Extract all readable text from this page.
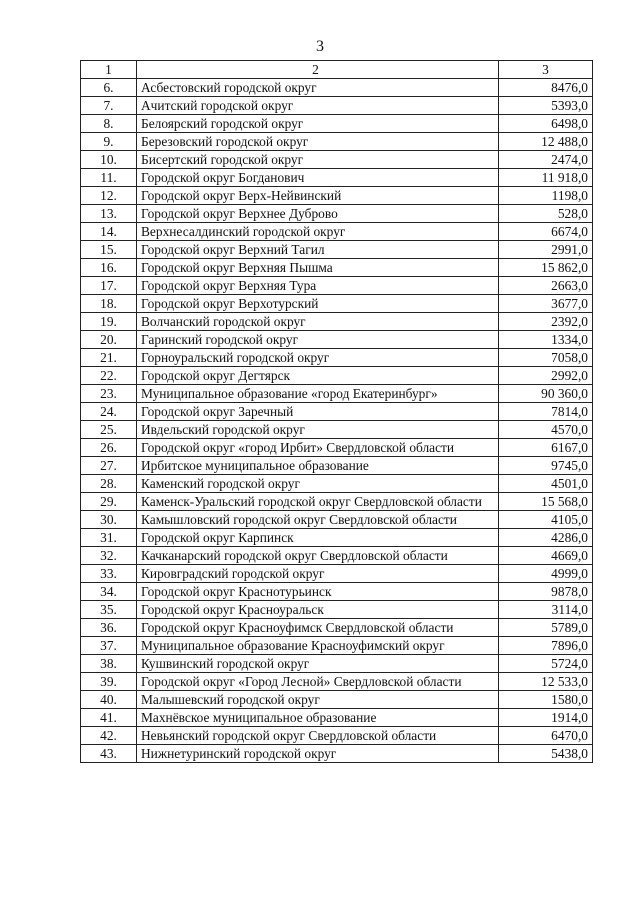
3
1	2	3
6.	Асбестовский городской округ	8476,0
7.	Ачитский городской округ	5393,0
8.	Белоярский городской округ	6498,0
9.	Березовский городской округ	12 488,0
10.	Бисертский городской округ	2474,0
11.	Городской округ Богданович	11 918,0
12.	Городской округ Верх-Нейвинский	1198,0
13.	Городской округ Верхнее Дуброво	528,0
14.	Верхнесалдинский городской округ	6674,0
15.	Городской округ Верхний Тагил	2991,0
16.	Городской округ Верхняя Пышма	15 862,0
17.	Городской округ Верхняя Тура	2663,0
18.	Городской округ Верхотурский	3677,0
19.	Волчанский городской округ	2392,0
20.	Гаринский городской округ	1334,0
21.	Горноуральский городской округ	7058,0
22.	Городской округ Дегтярск	2992,0
23.	Муниципальное образование «город Екатеринбург»	90 360,0
24.	Городской округ Заречный	7814,0
25.	Ивдельский городской округ	4570,0
26.	Городской округ «город Ирбит» Свердловской области	6167,0
27.	Ирбитское муниципальное образование	9745,0
28.	Каменский городской округ	4501,0
29.	Каменск-Уральский городской округ Свердловской области	15 568,0
30.	Камышловский городской округ Свердловской области	4105,0
31.	Городской округ Карпинск	4286,0
32.	Качканарский городской округ Свердловской области	4669,0
33.	Кировградский городской округ	4999,0
34.	Городской округ Краснотурьинск	9878,0
35.	Городской округ Красноуральск	3114,0
36.	Городской округ Красноуфимск Свердловской области	5789,0
37.	Муниципальное образование Красноуфимский округ	7896,0
38.	Кушвинский городской округ	5724,0
39.	Городской округ «Город Лесной» Свердловской области	12 533,0
40.	Малышевский городской округ	1580,0
41.	Махнёвское муниципальное образование	1914,0
42.	Невьянский городской округ Свердловской области	6470,0
43.	Нижнетуринский городской округ	5438,0
